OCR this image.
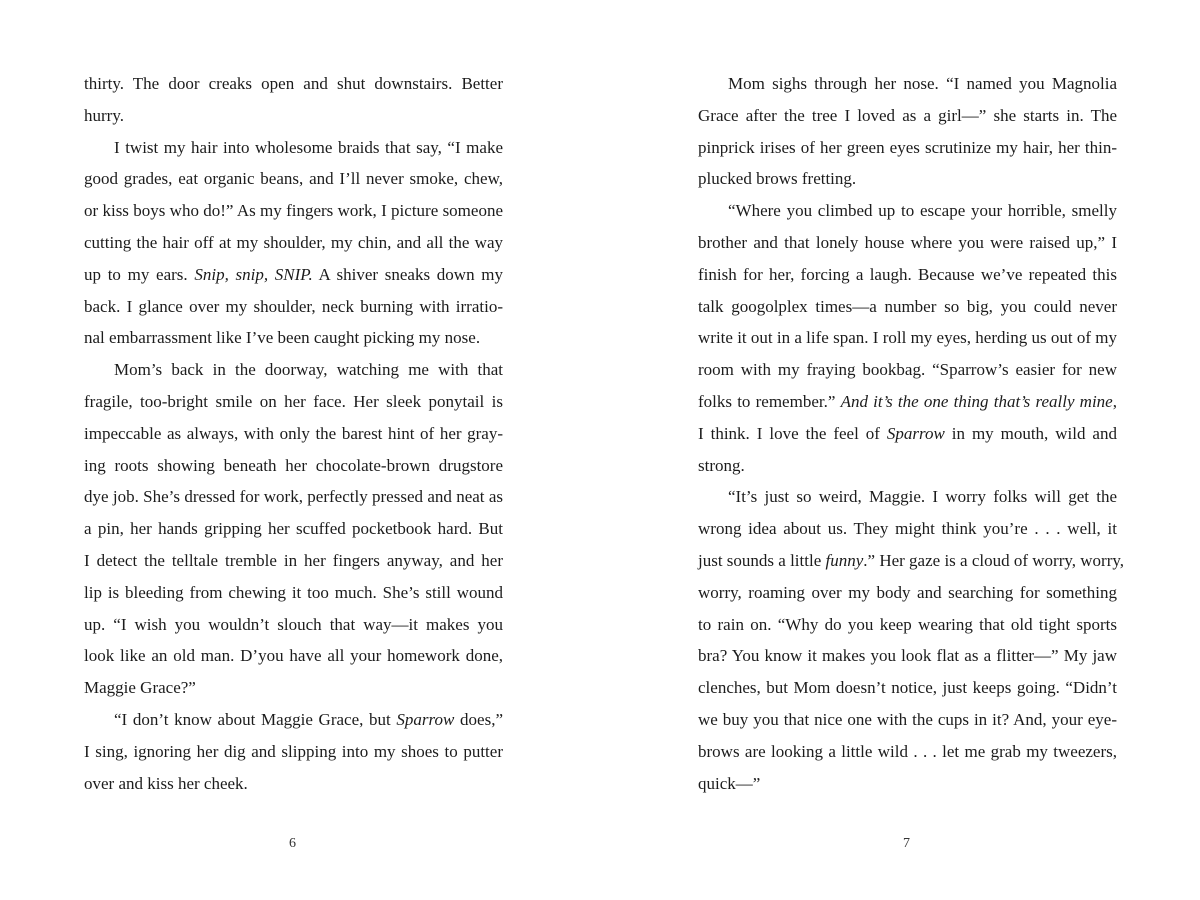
thirty. The door creaks open and shut downstairs. Better
hurry.
I twist my hair into wholesome braids that say, “I make
good grades, eat organic beans, and I’ll never smoke, chew,
or kiss boys who do!” As my fingers work, I picture someone
cutting the hair off at my shoulder, my chin, and all the way
up to my ears. Snip, snip, SNIP. A shiver sneaks down my
back. I glance over my shoulder, neck burning with irratio-
nal embarrassment like I’ve been caught picking my nose.
Mom’s back in the doorway, watching me with that
fragile, too-bright smile on her face. Her sleek ponytail is
impeccable as always, with only the barest hint of her gray-
ing roots showing beneath her chocolate-brown drugstore
dye job. She’s dressed for work, perfectly pressed and neat as
a pin, her hands gripping her scuffed pocketbook hard. But
I detect the telltale tremble in her fingers anyway, and her
lip is bleeding from chewing it too much. She’s still wound
up. “I wish you wouldn’t slouch that way—it makes you
look like an old man. D’you have all your homework done,
Maggie Grace?”
“I don’t know about Maggie Grace, but Sparrow does,”
I sing, ignoring her dig and slipping into my shoes to putter
over and kiss her cheek.
6
Mom sighs through her nose. “I named you Magnolia
Grace after the tree I loved as a girl—” she starts in. The
pinprick irises of her green eyes scrutinize my hair, her thin-
plucked brows fretting.
“Where you climbed up to escape your horrible, smelly
brother and that lonely house where you were raised up,” I
finish for her, forcing a laugh. Because we’ve repeated this
talk googolplex times—a number so big, you could never
write it out in a life span. I roll my eyes, herding us out of my
room with my fraying bookbag. “Sparrow’s easier for new
folks to remember.” And it’s the one thing that’s really mine,
I think. I love the feel of Sparrow in my mouth, wild and
strong.
“It’s just so weird, Maggie. I worry folks will get the
wrong idea about us. They might think you’re . . . well, it
just sounds a little funny.” Her gaze is a cloud of worry, worry,
worry, roaming over my body and searching for something
to rain on. “Why do you keep wearing that old tight sports
bra? You know it makes you look flat as a flitter—” My jaw
clenches, but Mom doesn’t notice, just keeps going. “Didn’t
we buy you that nice one with the cups in it? And, your eye-
brows are looking a little wild . . . let me grab my tweezers,
quick—”
7
